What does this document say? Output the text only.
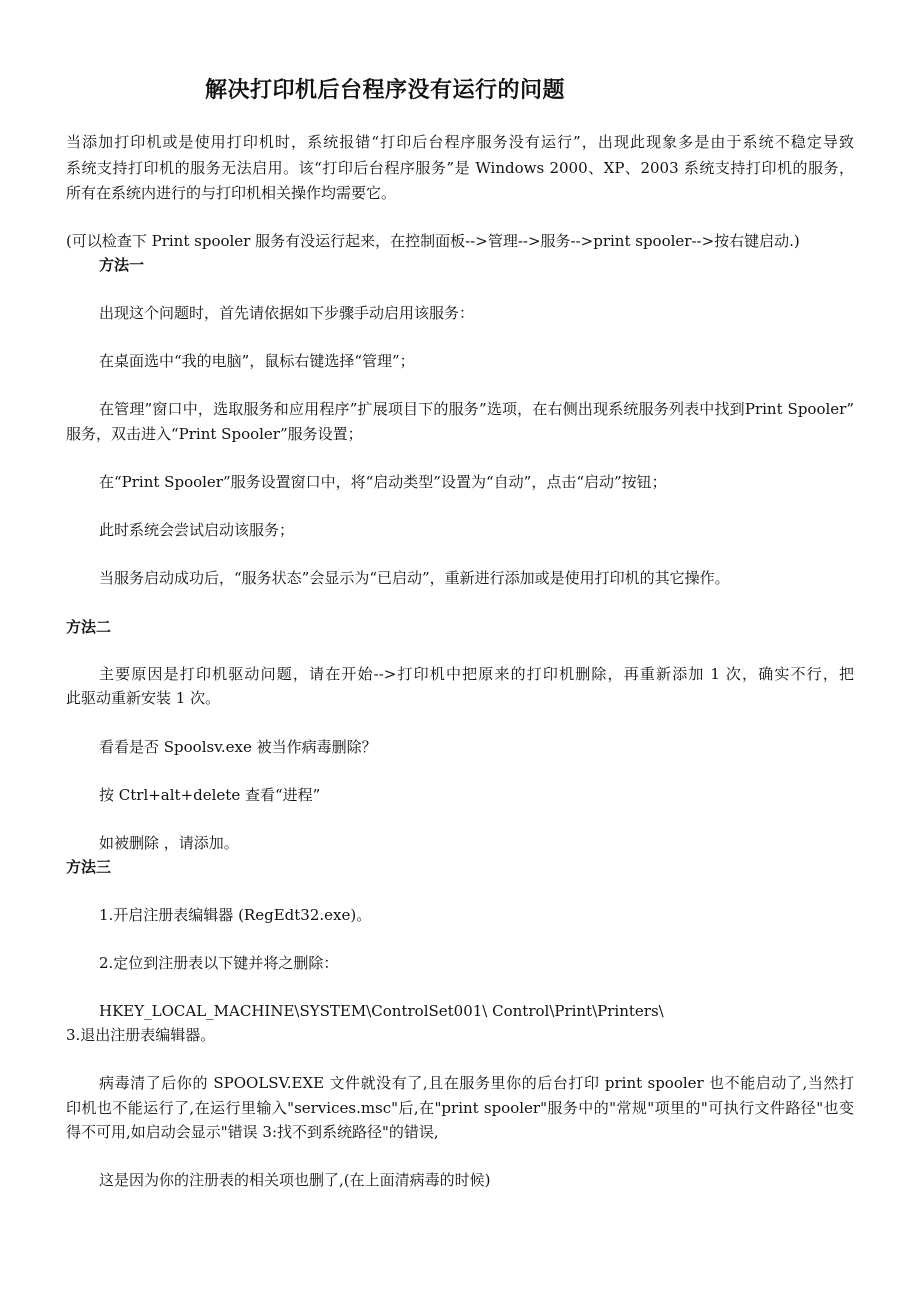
解决打印机后台程序没有运行的问题
当添加打印机或是使用打印机时，系统报错“打印后台程序服务没有运行”，出现此现象多是由于系统不稳定导致
系统支持打印机的服务无法启用。该“打印后台程序服务”是 Windows 2000、XP、2003 系统支持打印机的服务，
所有在系统内进行的与打印机相关操作均需要它。
(可以检查下 Print spooler 服务有没运行起来，在控制面板-->管理-->服务-->print spooler-->按右键启动.)
方法一
出现这个问题时，首先请依据如下步骤手动启用该服务：
在桌面选中“我的电脑”，鼠标右键选择“管理”；
在管理”窗口中，选取服务和应用程序”扩展项目下的服务”选项，在右侧出现系统服务列表中找到Print Spooler”
服务，双击进入“Print Spooler”服务设置；
在“Print Spooler”服务设置窗口中，将“启动类型”设置为“自动”，点击“启动”按钮；
此时系统会尝试启动该服务；
当服务启动成功后，“服务状态”会显示为“已启动”，重新进行添加或是使用打印机的其它操作。
方法二
主要原因是打印机驱动问题，请在开始-->打印机中把原来的打印机删除，再重新添加 1 次，确实不行，把
此驱动重新安装 1 次。
看看是否 Spoolsv.exe 被当作病毒删除？
按 Ctrl+alt+delete 查看“进程”
如被删除 ，请添加。
方法三
1.开启注册表编辑器 (RegEdt32.exe)。
2.定位到注册表以下键并将之删除：
HKEY_LOCAL_MACHINE\SYSTEM\ControlSet001\ Control\Print\Printers\
3.退出注册表编辑器。
病毒清了后你的 SPOOLSV.EXE 文件就没有了,且在服务里你的后台打印 print spooler 也不能启动了,当然打
印机也不能运行了,在运行里输入"services.msc"后,在"print spooler"服务中的"常规"项里的"可执行文件路径"也变
得不可用,如启动会显示"错误 3:找不到系统路径"的错误,
这是因为你的注册表的相关项也删了,(在上面清病毒的时候)
